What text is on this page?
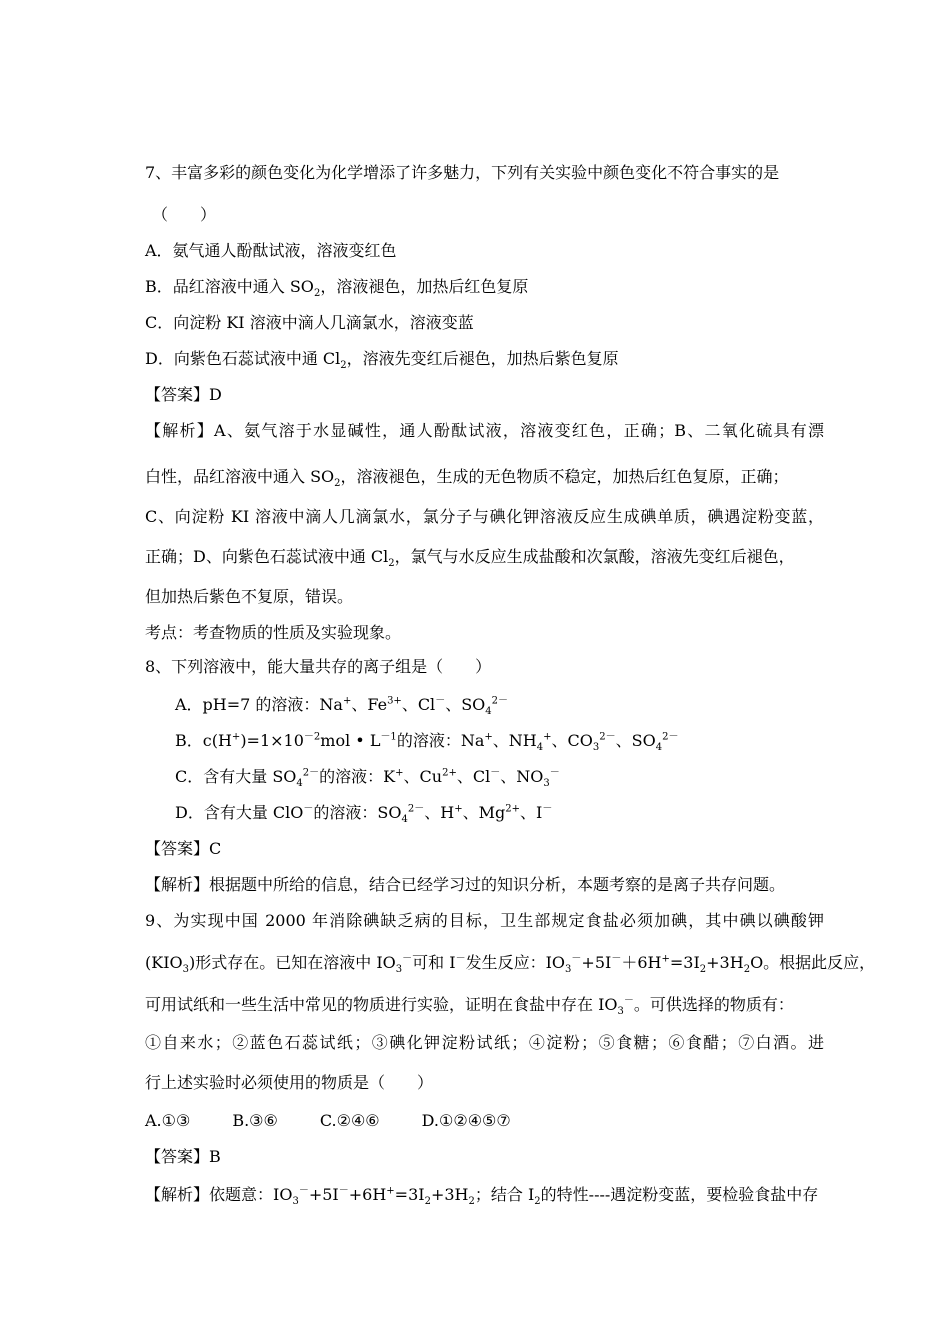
7、丰富多彩的颜色变化为化学增添了许多魅力，下列有关实验中颜色变化不符合事实的是
（　　）
A．氨气通人酚酞试液，溶液变红色
B．品红溶液中通入 $SO_2$，溶液褪色，加热后红色复原
C．向淀粉 KI 溶液中滴人几滴氯水，溶液变蓝
D．向紫色石蕊试液中通 $Cl_2$，溶液先变红后褪色，加热后紫色复原
【答案】D
【解析】A、氨气溶于水显碱性，通人酚酞试液，溶液变红色，正确；B、二氧化硫具有漂
白性，品红溶液中通入 $SO_2$，溶液褪色，生成的无色物质不稳定，加热后红色复原，正确；
C、向淀粉 KI 溶液中滴人几滴氯水，氯分子与碘化钾溶液反应生成碘单质，碘遇淀粉变蓝，
正确；D、向紫色石蕊试液中通 $Cl_2$，氯气与水反应生成盐酸和次氯酸，溶液先变红后褪色，
但加热后紫色不复原，错误。
考点：考查物质的性质及实验现象。
8、下列溶液中，能大量共存的离子组是（　　）
A．pH=7 的溶液：Na+、$Fe^{3+}$、Cl－、$SO_4^{2-}$
B．$c(H^+)=1\times 10^{-2}mol$ • $L^{-1}$的溶液：Na+、$NH_4^+$、$CO_3^{2-}$、$SO_4^{2-}$
C．含有大量 $SO_4^{2-}$的溶液：K+、$Cu^{2+}$、Cl－、$NO_3^-$
D．含有大量 ClO－的溶液：$SO_4^{2-}$、H+、$Mg^{2+}$、I－
【答案】C
【解析】根据题中所给的信息，结合已经学习过的知识分析，本题考察的是离子共存问题。
9、为实现中国 2000 年消除碘缺乏病的目标，卫生部规定食盐必须加碘，其中碘以碘酸钾
$(KIO_3)$形式存在。已知在溶液中 $IO_3^-$可和 I－发生反应：$IO_3^-+5I^-+6H^+=3I_2+3H_2O$。根据此反应，
可用试纸和一些生活中常见的物质进行实验，证明在食盐中存在 $IO_3^-$。可供选择的物质有：
①自来水；②蓝色石蕊试纸；③碘化钾淀粉试纸；④淀粉；⑤食糖；⑥食醋；⑦白酒。进
行上述实验时必须使用的物质是（　　）
A.①③	B.③⑥	C.②④⑥	D.①②④⑤⑦
【答案】B
【解析】依题意：$IO_3^-+5I^-+6H^+=3I_2+3H_2$；结合 $I_2$的特性----遇淀粉变蓝，要检验食盐中存
